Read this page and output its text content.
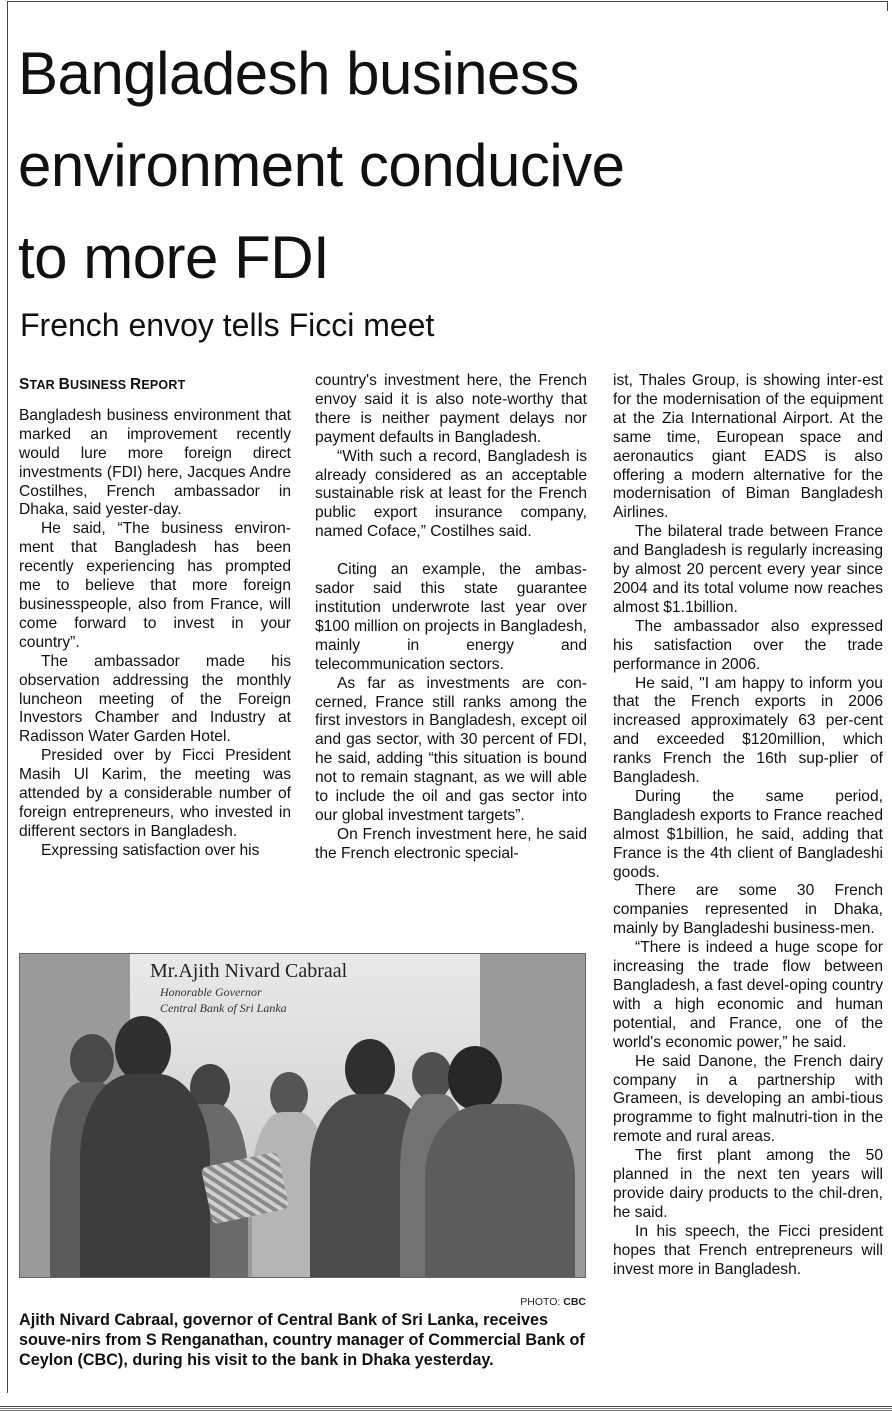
Bangladesh business
environment conducive
to more FDI
French envoy tells Ficci meet
STAR BUSINESS REPORT

Bangladesh business environment that marked an improvement recently would lure more foreign direct investments (FDI) here, Jacques Andre Costilhes, French ambassador in Dhaka, said yester-day.

He said, “The business environ-ment that Bangladesh has been recently experiencing has prompted me to believe that more foreign businesspeople, also from France, will come forward to invest in your country”.

The ambassador made his observation addressing the monthly luncheon meeting of the Foreign Investors Chamber and Industry at Radisson Water Garden Hotel.

Presided over by Ficci President Masih Ul Karim, the meeting was attended by a considerable number of foreign entrepreneurs, who invested in different sectors in Bangladesh.

Expressing satisfaction over his

country's investment here, the French envoy said it is also note-worthy that there is neither payment delays nor payment defaults in Bangladesh.

“With such a record, Bangladesh is already considered as an acceptable sustainable risk at least for the French public export insurance company, named Coface,” Costilhes said.

Citing an example, the ambas-sador said this state guarantee institution underwrote last year over $100 million on projects in Bangladesh, mainly in energy and telecommunication sectors.

As far as investments are con-cerned, France still ranks among the first investors in Bangladesh, except oil and gas sector, with 30 percent of FDI, he said, adding “this situation is bound not to remain stagnant, as we will able to include the oil and gas sector into our global investment targets”.

On French investment here, he said the French electronic special-

ist, Thales Group, is showing inter-est for the modernisation of the equipment at the Zia International Airport. At the same time, European space and aeronautics giant EADS is also offering a modern alternative for the modernisation of Biman Bangladesh Airlines.

The bilateral trade between France and Bangladesh is regularly increasing by almost 20 percent every year since 2004 and its total volume now reaches almost $1.1billion.

The ambassador also expressed his satisfaction over the trade performance in 2006.

He said, "I am happy to inform you that the French exports in 2006 increased approximately 63 per-cent and exceeded $120million, which ranks French the 16th sup-plier of Bangladesh.

During the same period, Bangladesh exports to France reached almost $1billion, he said, adding that France is the 4th client of Bangladeshi goods.

There are some 30 French companies represented in Dhaka, mainly by Bangladeshi business-men.

“There is indeed a huge scope for increasing the trade flow between Bangladesh, a fast devel-oping country with a high economic and human potential, and France, one of the world's economic power,” he said.

He said Danone, the French dairy company in a partnership with Grameen, is developing an ambi-tious programme to fight malnutri-tion in the remote and rural areas.

The first plant among the 50 planned in the next ten years will provide dairy products to the chil-dren, he said.

In his speech, the Ficci president hopes that French entrepreneurs will invest more in Bangladesh.

Mr.Ajith Nivard Cabraal
Honorable Governor
Central Bank of Sri Lanka
PHOTO: CBC

Ajith Nivard Cabraal, governor of Central Bank of Sri Lanka, receives souve-nirs from S Renganathan, country manager of Commercial Bank of Ceylon (CBC), during his visit to the bank in Dhaka yesterday.
